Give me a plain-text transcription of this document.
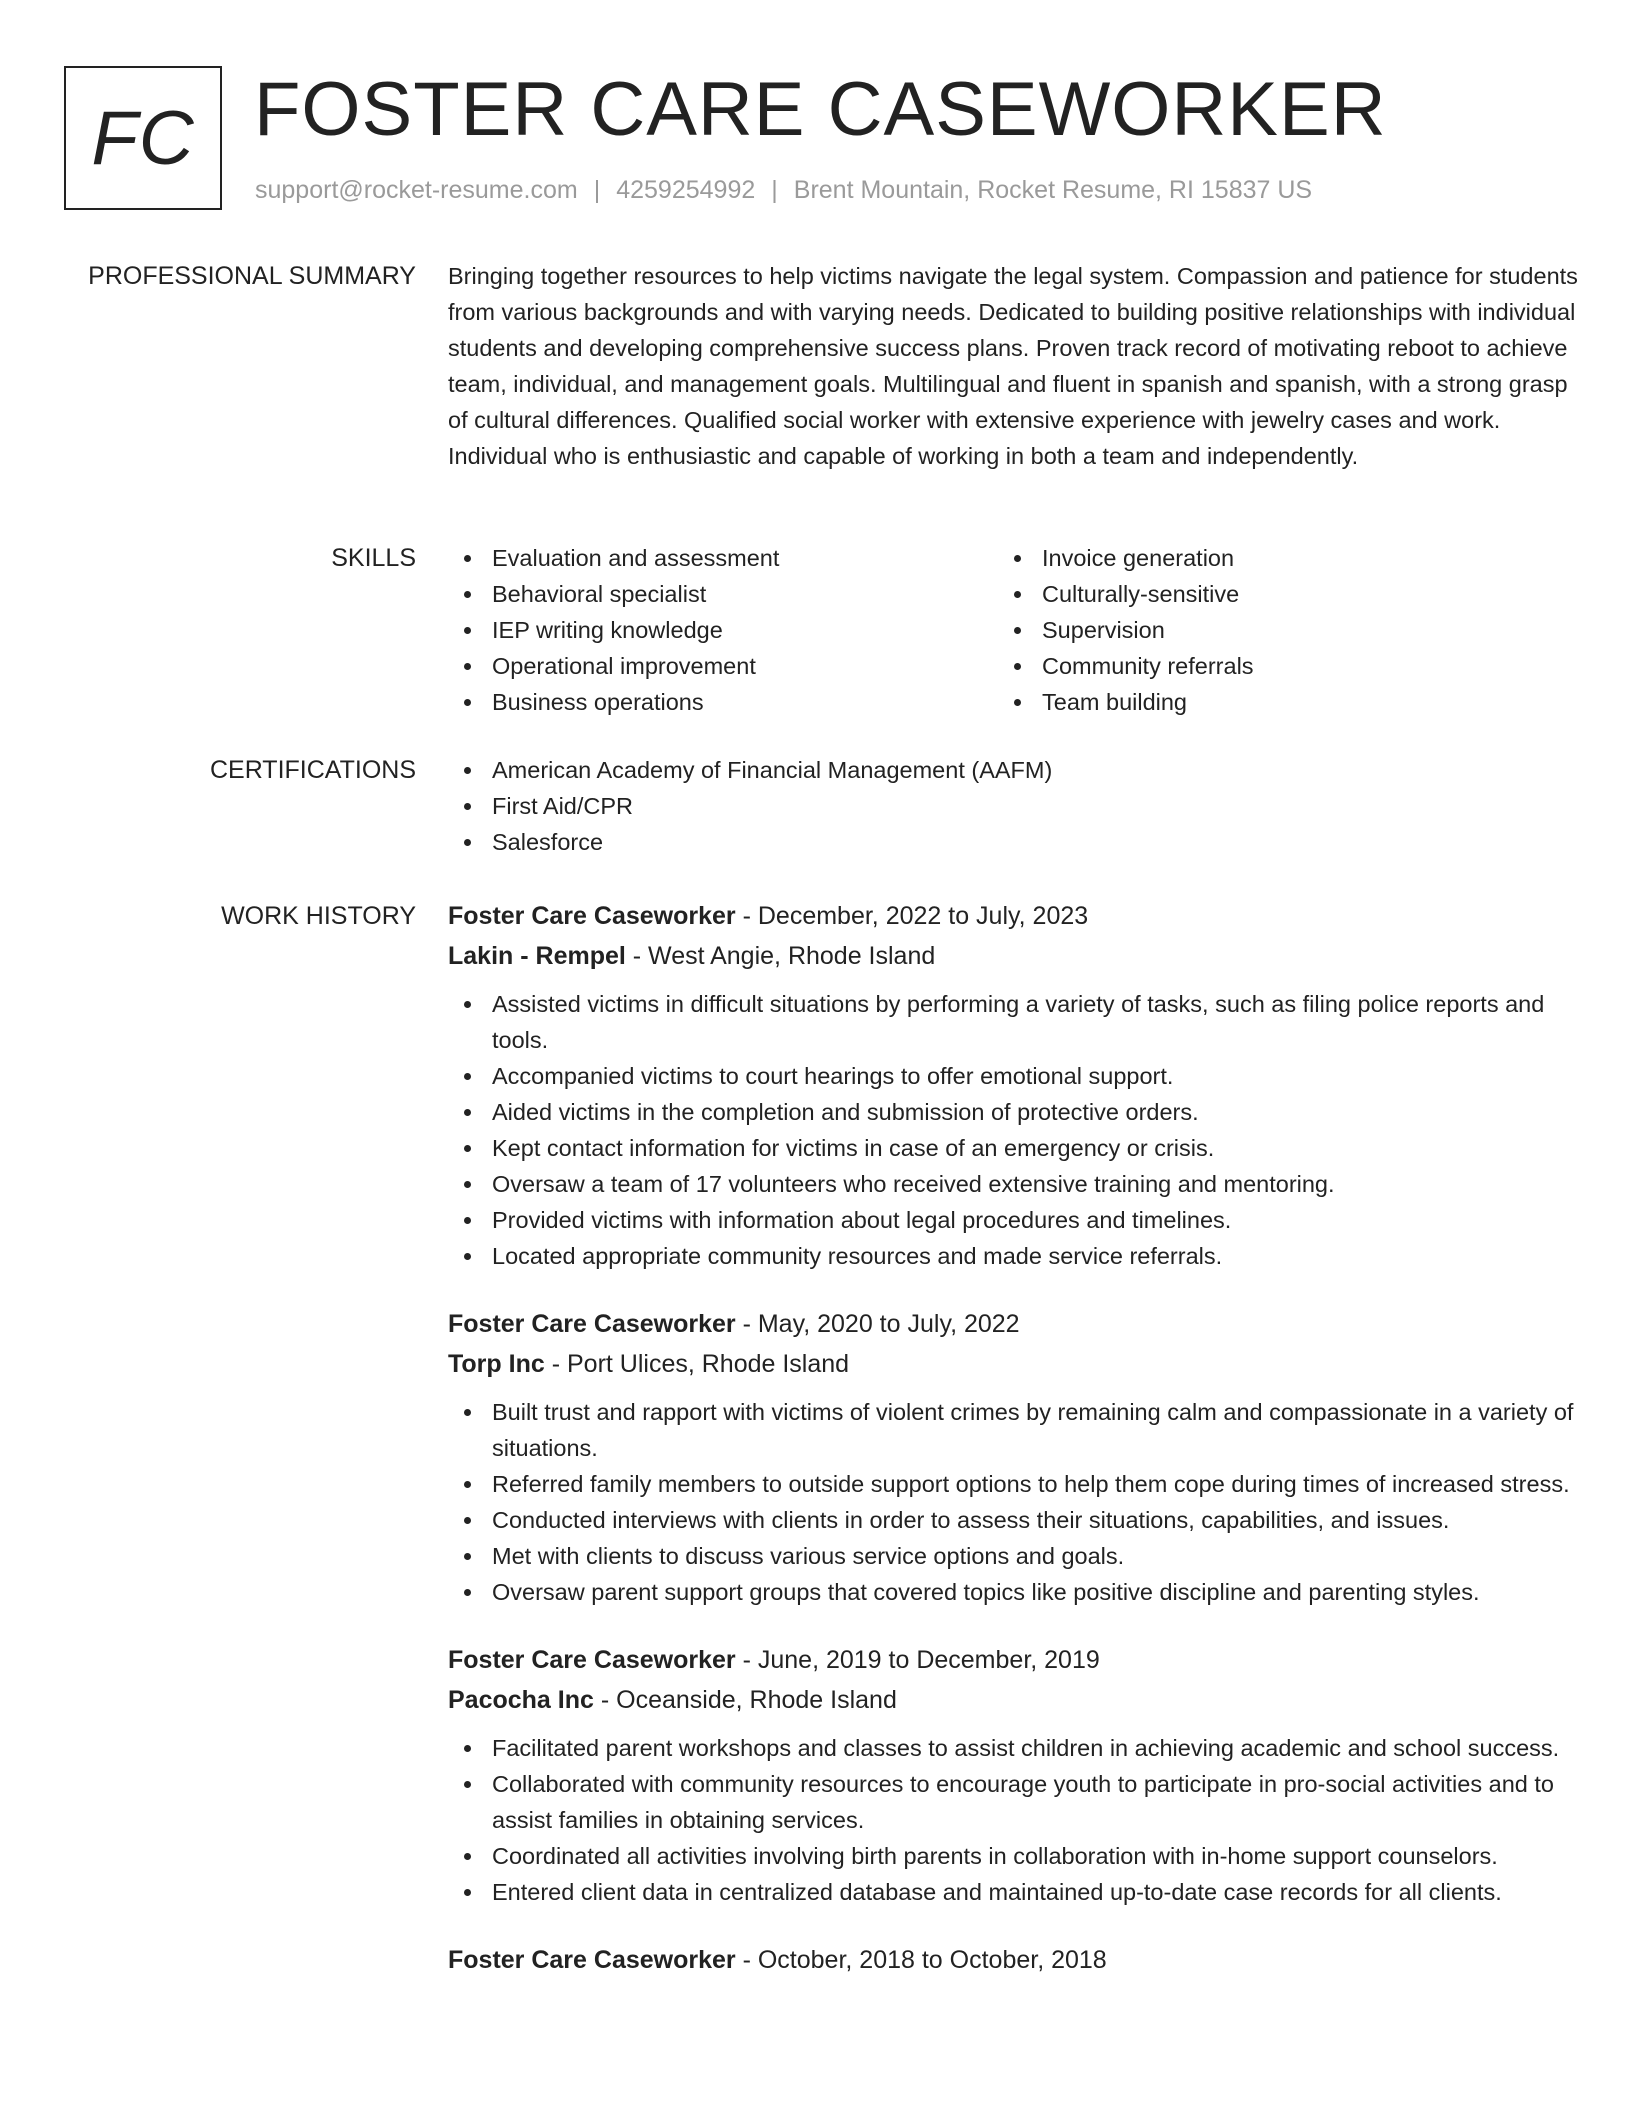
FC FOSTER CARE CASEWORKER
support@rocket-resume.com | 4259254992 | Brent Mountain, Rocket Resume, RI 15837 US
PROFESSIONAL SUMMARY Bringing together resources to help victims navigate the legal system. Compassion and patience for students from various backgrounds and with varying needs. Dedicated to building positive relationships with individual students and developing comprehensive success plans. Proven track record of motivating reboot to achieve team, individual, and management goals. Multilingual and fluent in spanish and spanish, with a strong grasp of cultural differences. Qualified social worker with extensive experience with jewelry cases and work. Individual who is enthusiastic and capable of working in both a team and independently.
SKILLS	Evaluation and assessment
Behavioral specialist
IEP writing knowledge
Operational improvement
Business operations
Invoice generation
Culturally-sensitive
Supervision
Community referrals
Team building
CERTIFICATIONS	American Academy of Financial Management (AAFM)
First Aid/CPR
Salesforce
WORK HISTORY Foster Care Caseworker - December, 2022 to July, 2023
Lakin - Rempel - West Angie, Rhode Island
Assisted victims in difficult situations by performing a variety of tasks, such as filing police reports and tools.
Accompanied victims to court hearings to offer emotional support.
Aided victims in the completion and submission of protective orders.
Kept contact information for victims in case of an emergency or crisis.
Oversaw a team of 17 volunteers who received extensive training and mentoring.
Provided victims with information about legal procedures and timelines.
Located appropriate community resources and made service referrals.
Foster Care Caseworker - May, 2020 to July, 2022
Torp Inc - Port Ulices, Rhode Island
Built trust and rapport with victims of violent crimes by remaining calm and compassionate in a variety of situations.
Referred family members to outside support options to help them cope during times of increased stress.
Conducted interviews with clients in order to assess their situations, capabilities, and issues.
Met with clients to discuss various service options and goals.
Oversaw parent support groups that covered topics like positive discipline and parenting styles.
Foster Care Caseworker - June, 2019 to December, 2019
Pacocha Inc - Oceanside, Rhode Island
Facilitated parent workshops and classes to assist children in achieving academic and school success.
Collaborated with community resources to encourage youth to participate in pro-social activities and to assist families in obtaining services.
Coordinated all activities involving birth parents in collaboration with in-home support counselors.
Entered client data in centralized database and maintained up-to-date case records for all clients.
Foster Care Caseworker - October, 2018 to October, 2018
